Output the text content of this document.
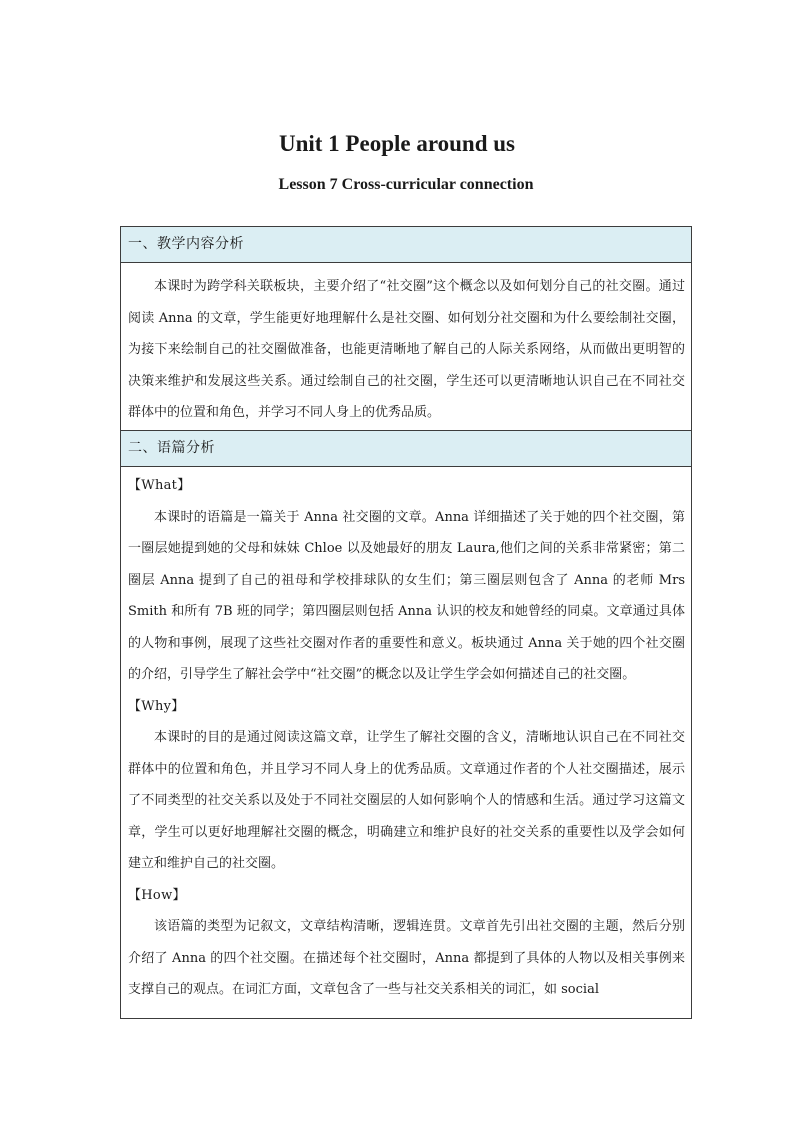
Unit 1 People around us
Lesson 7 Cross-curricular connection
一、教学内容分析

本课时为跨学科关联板块，主要介绍了“社交圈”这个概念以及如何划分自己的社交圈。通过阅读 Anna 的文章，学生能更好地理解什么是社交圈、如何划分社交圈和为什么要绘制社交圈，为接下来绘制自己的社交圈做准备，也能更清晰地了解自己的人际关系网络，从而做出更明智的决策来维护和发展这些关系。通过绘制自己的社交圈，学生还可以更清晰地认识自己在不同社交群体中的位置和角色，并学习不同人身上的优秀品质。

二、语篇分析

【What】

本课时的语篇是一篇关于 Anna 社交圈的文章。Anna 详细描述了关于她的四个社交圈，第一圈层她提到她的父母和妹妹 Chloe 以及她最好的朋友 Laura,他们之间的关系非常紧密；第二圈层 Anna 提到了自己的祖母和学校排球队的女生们；第三圈层则包含了 Anna 的老师 Mrs Smith 和所有 7B 班的同学；第四圈层则包括 Anna 认识的校友和她曾经的同桌。文章通过具体的人物和事例，展现了这些社交圈对作者的重要性和意义。板块通过 Anna 关于她的四个社交圈的介绍，引导学生了解社会学中“社交圈”的概念以及让学生学会如何描述自己的社交圈。

【Why】

本课时的目的是通过阅读这篇文章，让学生了解社交圈的含义，清晰地认识自己在不同社交群体中的位置和角色，并且学习不同人身上的优秀品质。文章通过作者的个人社交圈描述，展示了不同类型的社交关系以及处于不同社交圈层的人如何影响个人的情感和生活。通过学习这篇文章，学生可以更好地理解社交圈的概念，明确建立和维护良好的社交关系的重要性以及学会如何建立和维护自己的社交圈。

【How】

该语篇的类型为记叙文，文章结构清晰，逻辑连贯。文章首先引出社交圈的主题，然后分别介绍了 Anna 的四个社交圈。在描述每个社交圈时，Anna 都提到了具体的人物以及相关事例来支撑自己的观点。在词汇方面，文章包含了一些与社交关系相关的词汇，如 social
